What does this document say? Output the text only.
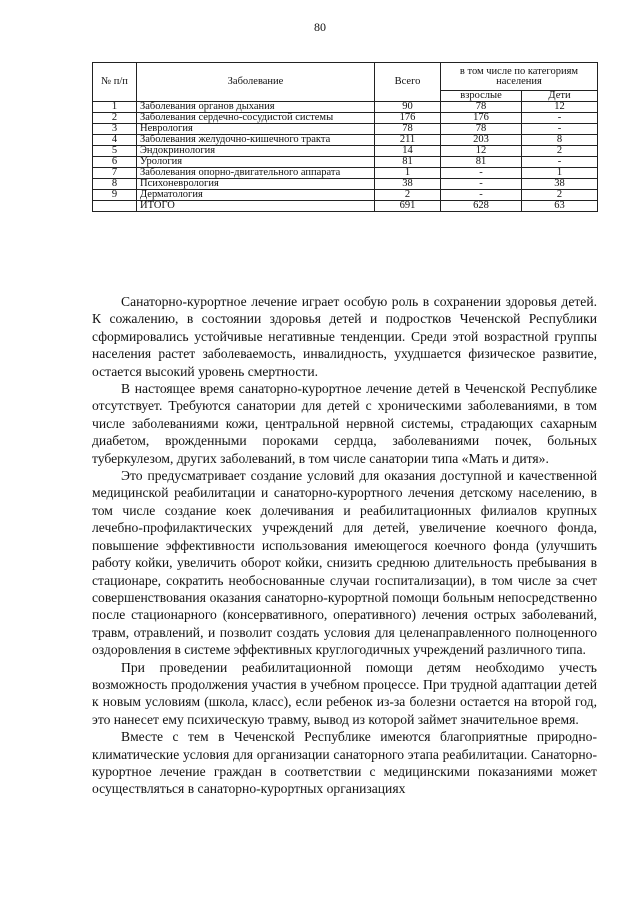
80
№ п/п	Заболевание	Всего	в том числе по категориям населения	
			взрослые	Дети
1	Заболевания органов дыхания	90	78	12
2	Заболевания сердечно-сосудистой системы	176	176	-
3	Неврология	78	78	-
4	Заболевания желудочно-кишечного тракта	211	203	8
5	Эндокринология	14	12	2
6	Урология	81	81	-
7	Заболевания опорно-двигательного аппарата	1	-	1
8	Психоневрология	38	-	38
9	Дерматология	2	-	2
	ИТОГО	691	628	63

Санаторно-курортное лечение играет особую роль в сохранении здоровья детей. К сожалению, в состоянии здоровья детей и подростков Чеченской Республики сформировались устойчивые негативные тенденции. Среди этой возрастной группы населения растет заболеваемость, инвалидность, ухудшается физическое развитие, остается высокий уровень смертности.

В настоящее время санаторно-курортное лечение детей в Чеченской Республике отсутствует. Требуются санатории для детей с хроническими заболеваниями, в том числе заболеваниями кожи, центральной нервной системы, страдающих сахарным диабетом, врожденными пороками сердца, заболеваниями почек, больных туберкулезом, других заболеваний, в том числе санатории типа «Мать и дитя».

Это предусматривает создание условий для оказания доступной и качественной медицинской реабилитации и санаторно-курортного лечения детскому населению, в том числе создание коек долечивания и реабилитационных филиалов крупных лечебно-профилактических учреждений для детей, увеличение коечного фонда, повышение эффективности использования имеющегося коечного фонда (улучшить работу койки, увеличить оборот койки, снизить среднюю длительность пребывания в стационаре, сократить необоснованные случаи госпитализации), в том числе за счет совершенствования оказания санаторно-курортной помощи больным непосредственно после стационарного (консервативного, оперативного) лечения острых заболеваний, травм, отравлений, и позволит создать условия для целенаправленного полноценного оздоровления в системе эффективных круглогодичных учреждений различного типа.

При проведении реабилитационной помощи детям необходимо учесть возможность продолжения участия в учебном процессе. При трудной адаптации детей к новым условиям (школа, класс), если ребенок из-за болезни остается на второй год, это нанесет ему психическую травму, вывод из которой займет значительное время.

Вместе с тем в Чеченской Республике имеются благоприятные природно-климатические условия для организации санаторного этапа реабилитации. Санаторно-курортное лечение граждан в соответствии с медицинскими показаниями может осуществляться в санаторно-курортных организациях
